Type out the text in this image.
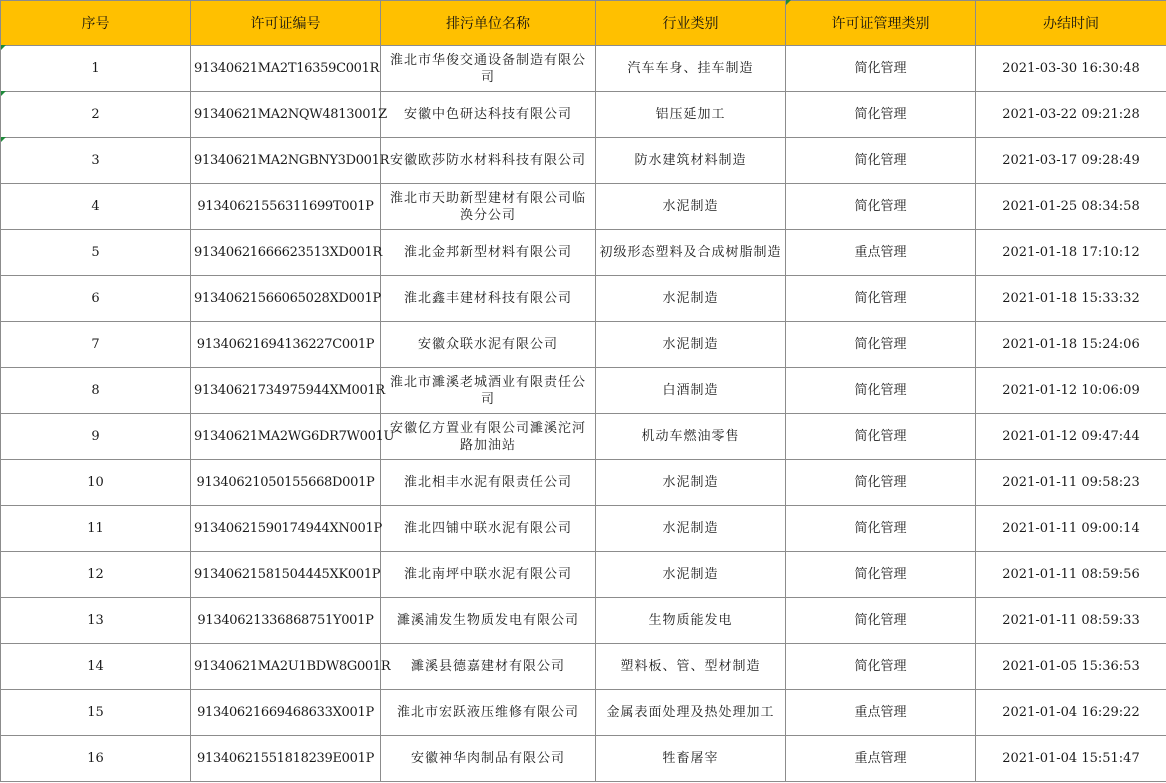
序号	许可证编号	排污单位名称	行业类别	许可证管理类别	办结时间
1	91340621MA2T16359C001R	淮北市华俊交通设备制造有限公司	汽车车身、挂车制造	简化管理	2021-03-30 16:30:48
2	91340621MA2NQW4813001Z	安徽中色研达科技有限公司	铝压延加工	简化管理	2021-03-22 09:21:28
3	91340621MA2NGBNY3D001R	安徽欧莎防水材料科技有限公司	防水建筑材料制造	简化管理	2021-03-17 09:28:49
4	91340621556311699T001P	淮北市天助新型建材有限公司临涣分公司	水泥制造	简化管理	2021-01-25 08:34:58
5	91340621666623513XD001R	淮北金邦新型材料有限公司	初级形态塑料及合成树脂制造	重点管理	2021-01-18 17:10:12
6	91340621566065028XD001P	淮北鑫丰建材科技有限公司	水泥制造	简化管理	2021-01-18 15:33:32
7	91340621694136227C001P	安徽众联水泥有限公司	水泥制造	简化管理	2021-01-18 15:24:06
8	91340621734975944XM001R	淮北市濉溪老城酒业有限责任公司	白酒制造	简化管理	2021-01-12 10:06:09
9	91340621MA2WG6DR7W001U	安徽亿方置业有限公司濉溪沱河路加油站	机动车燃油零售	简化管理	2021-01-12 09:47:44
10	91340621050155668D001P	淮北相丰水泥有限责任公司	水泥制造	简化管理	2021-01-11 09:58:23
11	91340621590174944XN001P	淮北四铺中联水泥有限公司	水泥制造	简化管理	2021-01-11 09:00:14
12	91340621581504445XK001P	淮北南坪中联水泥有限公司	水泥制造	简化管理	2021-01-11 08:59:56
13	91340621336868751Y001P	濉溪浦发生物质发电有限公司	生物质能发电	简化管理	2021-01-11 08:59:33
14	91340621MA2U1BDW8G001R	濉溪县德嘉建材有限公司	塑料板、管、型材制造	简化管理	2021-01-05 15:36:53
15	91340621669468633X001P	淮北市宏跃液压维修有限公司	金属表面处理及热处理加工	重点管理	2021-01-04 16:29:22
16	91340621551818239E001P	安徽神华肉制品有限公司	牲畜屠宰	重点管理	2021-01-04 15:51:47
